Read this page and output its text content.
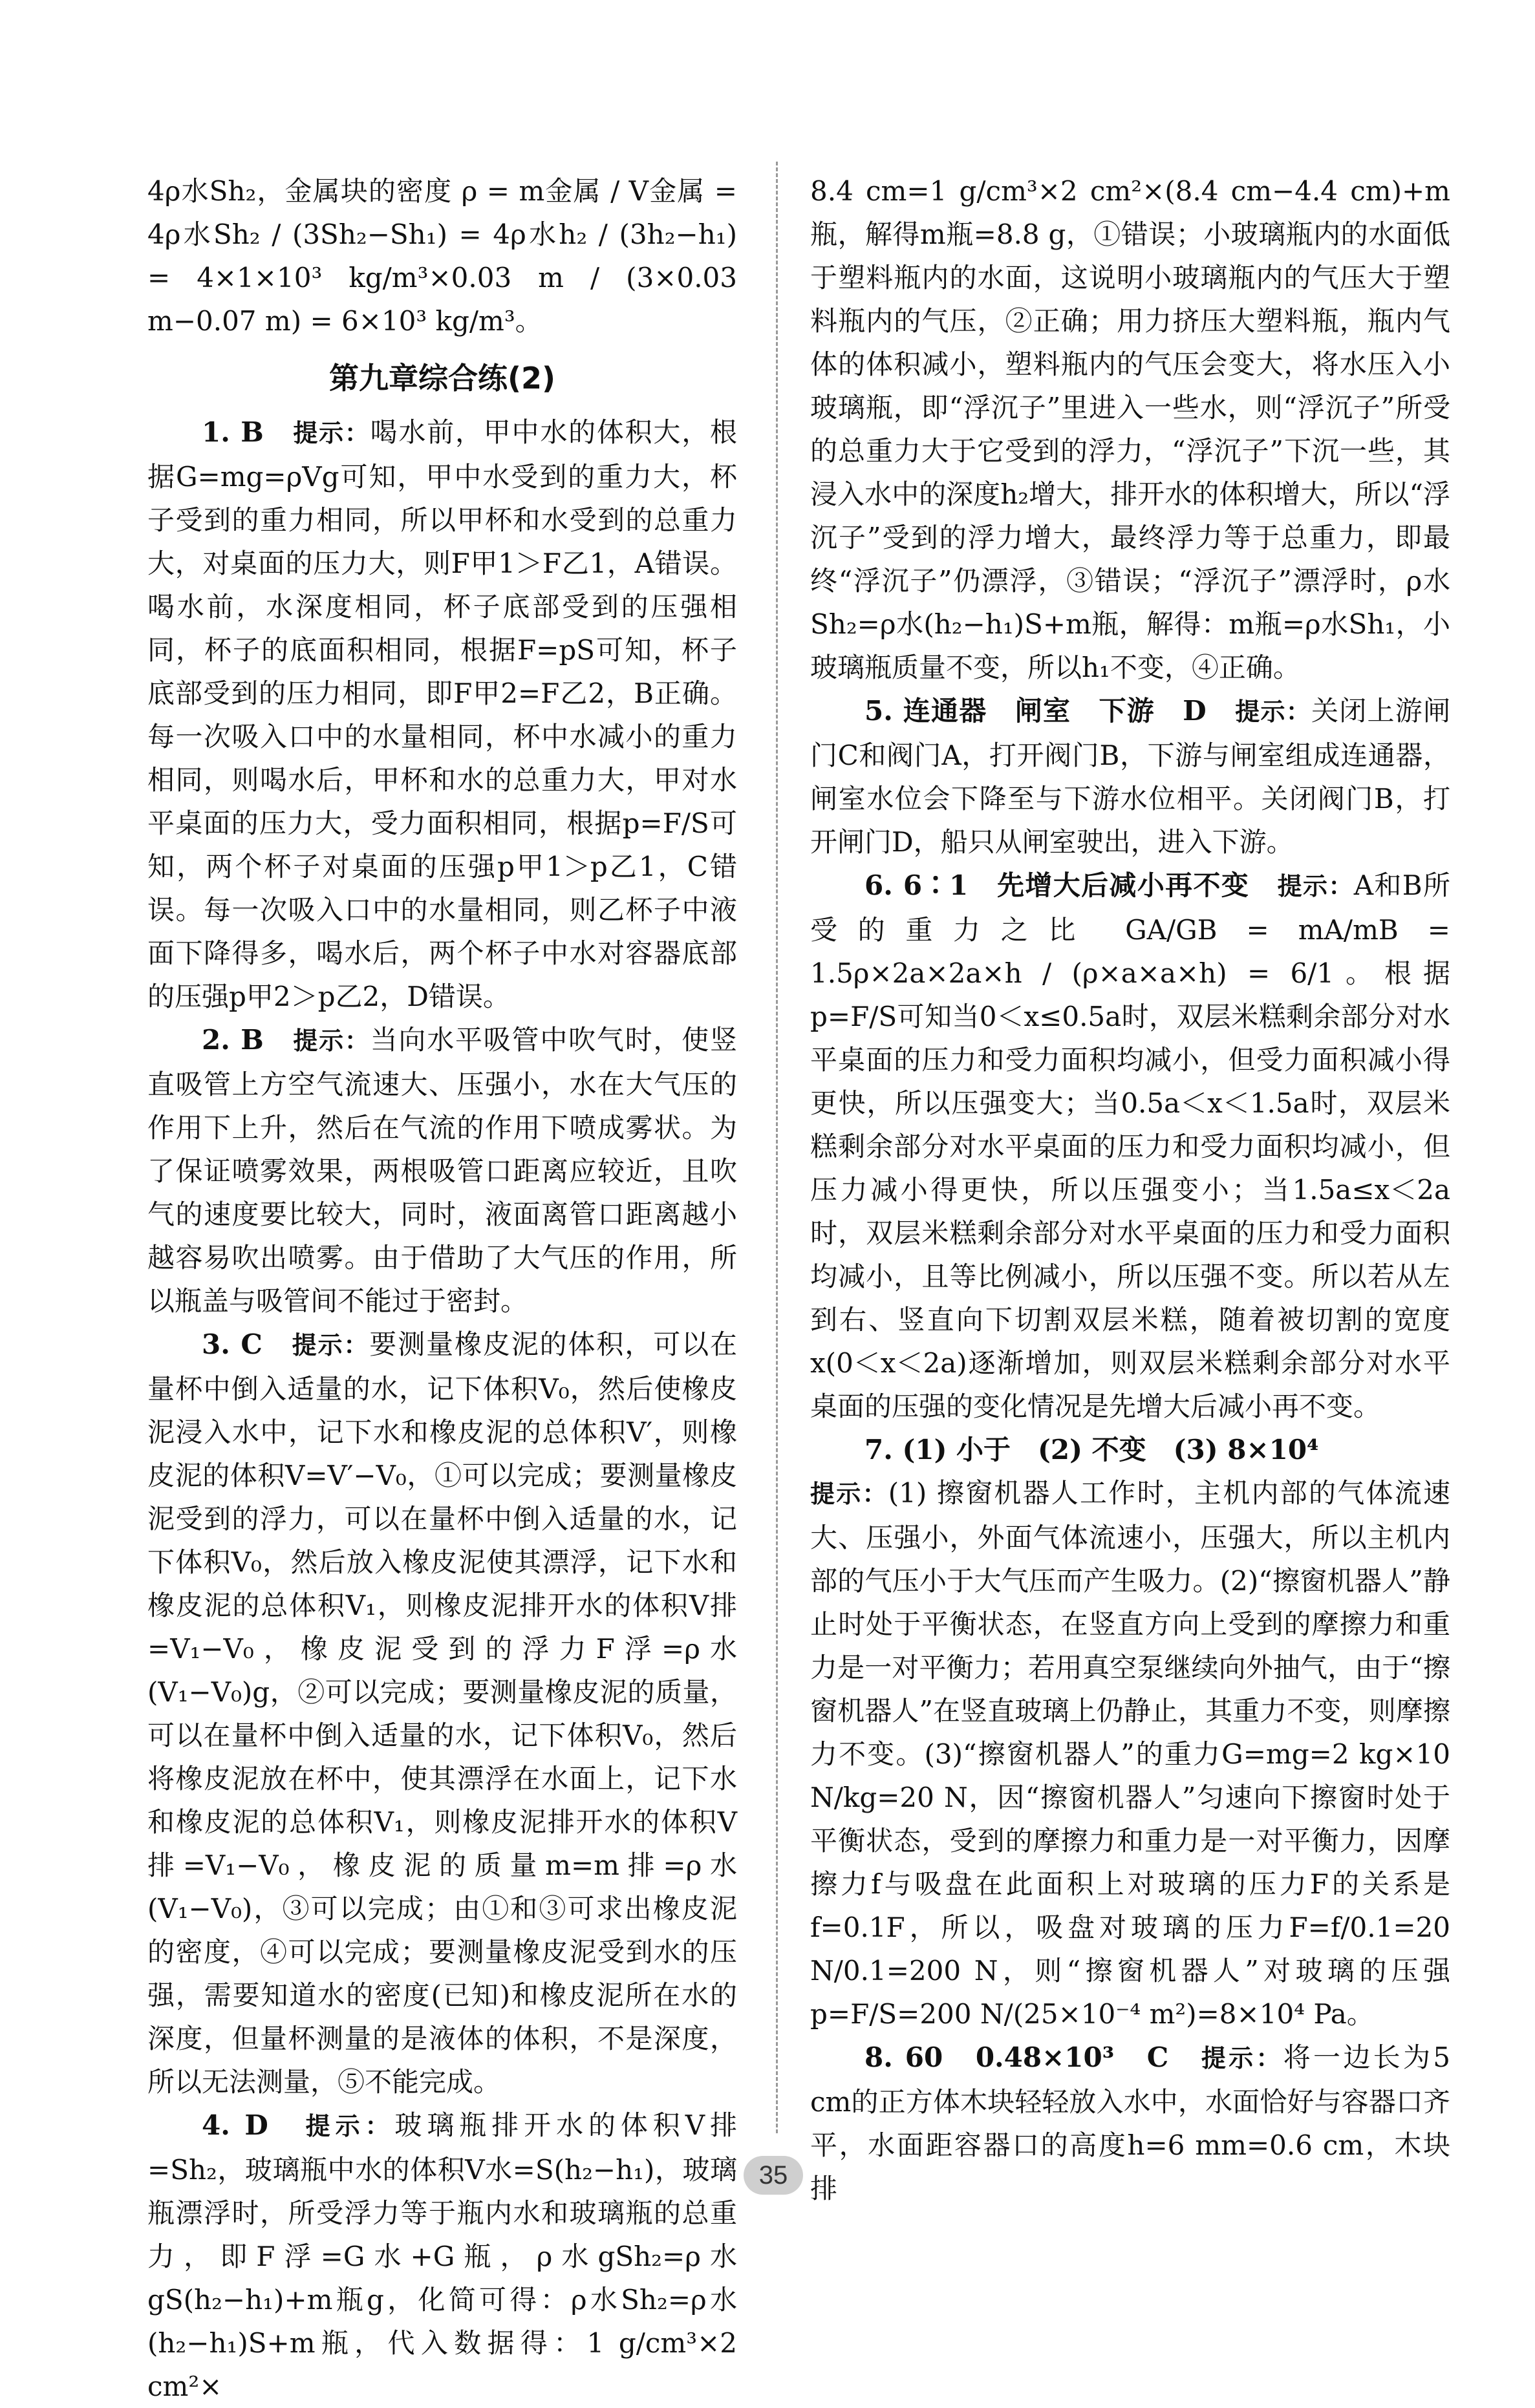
4ρ水Sh₂，金属块的密度 ρ = m金属 / V金属 = 4ρ水Sh₂ / (3Sh₂−Sh₁) = 4ρ水h₂ / (3h₂−h₁) = 4×1×10³ kg/m³×0.03 m / (3×0.03 m−0.07 m) = 6×10³ kg/m³。

第九章综合练(2)

1. B　 提示：喝水前，甲中水的体积大，根据G=mg=ρVg可知，甲中水受到的重力大，杯子受到的重力相同，所以甲杯和水受到的总重力大，对桌面的压力大，则F甲1＞F乙1，A错误。喝水前，水深度相同，杯子底部受到的压强相同，杯子的底面积相同，根据F=pS可知，杯子底部受到的压力相同，即F甲2=F乙2，B正确。每一次吸入口中的水量相同，杯中水减小的重力相同，则喝水后，甲杯和水的总重力大，甲对水平桌面的压力大，受力面积相同，根据p=F/S可知，两个杯子对桌面的压强p甲1＞p乙1，C错误。每一次吸入口中的水量相同，则乙杯子中液面下降得多，喝水后，两个杯子中水对容器底部的压强p甲2＞p乙2，D错误。

2. B　 提示：当向水平吸管中吹气时，使竖直吸管上方空气流速大、压强小，水在大气压的作用下上升，然后在气流的作用下喷成雾状。为了保证喷雾效果，两根吸管口距离应较近，且吹气的速度要比较大，同时，液面离管口距离越小越容易吹出喷雾。由于借助了大气压的作用，所以瓶盖与吸管间不能过于密封。

3. C　 提示：要测量橡皮泥的体积，可以在量杯中倒入适量的水，记下体积V₀，然后使橡皮泥浸入水中，记下水和橡皮泥的总体积V′，则橡皮泥的体积V=V′−V₀，①可以完成；要测量橡皮泥受到的浮力，可以在量杯中倒入适量的水，记下体积V₀，然后放入橡皮泥使其漂浮，记下水和橡皮泥的总体积V₁，则橡皮泥排开水的体积V排=V₁−V₀，橡皮泥受到的浮力F浮=ρ水(V₁−V₀)g，②可以完成；要测量橡皮泥的质量，可以在量杯中倒入适量的水，记下体积V₀，然后将橡皮泥放在杯中，使其漂浮在水面上，记下水和橡皮泥的总体积V₁，则橡皮泥排开水的体积V排=V₁−V₀，橡皮泥的质量m=m排=ρ水(V₁−V₀)，③可以完成；由①和③可求出橡皮泥的密度，④可以完成；要测量橡皮泥受到水的压强，需要知道水的密度(已知)和橡皮泥所在水的深度，但量杯测量的是液体的体积，不是深度，所以无法测量，⑤不能完成。

4. D　 提示：玻璃瓶排开水的体积V排=Sh₂，玻璃瓶中水的体积V水=S(h₂−h₁)，玻璃瓶漂浮时，所受浮力等于瓶内水和玻璃瓶的总重力，即F浮=G水+G瓶，ρ水gSh₂=ρ水gS(h₂−h₁)+m瓶g，化简可得：ρ水Sh₂=ρ水(h₂−h₁)S+m瓶，代入数据得：1 g/cm³×2 cm²×

8.4 cm=1 g/cm³×2 cm²×(8.4 cm−4.4 cm)+m瓶，解得m瓶=8.8 g，①错误；小玻璃瓶内的水面低于塑料瓶内的水面，这说明小玻璃瓶内的气压大于塑料瓶内的气压，②正确；用力挤压大塑料瓶，瓶内气体的体积减小，塑料瓶内的气压会变大，将水压入小玻璃瓶，即“浮沉子”里进入一些水，则“浮沉子”所受的总重力大于它受到的浮力，“浮沉子”下沉一些，其浸入水中的深度h₂增大，排开水的体积增大，所以“浮沉子”受到的浮力增大，最终浮力等于总重力，即最终“浮沉子”仍漂浮，③错误；“浮沉子”漂浮时，ρ水Sh₂=ρ水(h₂−h₁)S+m瓶，解得：m瓶=ρ水Sh₁，小玻璃瓶质量不变，所以h₁不变，④正确。

5. 连通器　闸室　下游　D　 提示：关闭上游闸门C和阀门A，打开阀门B，下游与闸室组成连通器，闸室水位会下降至与下游水位相平。关闭阀门B，打开闸门D，船只从闸室驶出，进入下游。

6. 6∶1　先增大后减小再不变　 提示：A和B所受的重力之比 GA/GB = mA/mB = 1.5ρ×2a×2a×h / (ρ×a×a×h) = 6/1。根据p=F/S可知当0＜x≤0.5a时，双层米糕剩余部分对水平桌面的压力和受力面积均减小，但受力面积减小得更快，所以压强变大；当0.5a＜x＜1.5a时，双层米糕剩余部分对水平桌面的压力和受力面积均减小，但压力减小得更快，所以压强变小；当1.5a≤x＜2a时，双层米糕剩余部分对水平桌面的压力和受力面积均减小，且等比例减小，所以压强不变。所以若从左到右、竖直向下切割双层米糕，随着被切割的宽度x(0＜x＜2a)逐渐增加，则双层米糕剩余部分对水平桌面的压强的变化情况是先增大后减小再不变。

7. (1) 小于　(2) 不变　(3) 8×10⁴

提示：(1) 擦窗机器人工作时，主机内部的气体流速大、压强小，外面气体流速小，压强大，所以主机内部的气压小于大气压而产生吸力。(2)“擦窗机器人”静止时处于平衡状态，在竖直方向上受到的摩擦力和重力是一对平衡力；若用真空泵继续向外抽气，由于“擦窗机器人”在竖直玻璃上仍静止，其重力不变，则摩擦力不变。(3)“擦窗机器人”的重力G=mg=2 kg×10 N/kg=20 N，因“擦窗机器人”匀速向下擦窗时处于平衡状态，受到的摩擦力和重力是一对平衡力，因摩擦力f与吸盘在此面积上对玻璃的压力F的关系是f=0.1F，所以，吸盘对玻璃的压力F=f/0.1=20 N/0.1=200 N，则“擦窗机器人”对玻璃的压强p=F/S=200 N/(25×10⁻⁴ m²)=8×10⁴ Pa。

8. 60　0.48×10³　C　 提示：将一边长为5 cm的正方体木块轻轻放入水中，水面恰好与容器口齐平，水面距容器口的高度h=6 mm=0.6 cm，木块排

35
